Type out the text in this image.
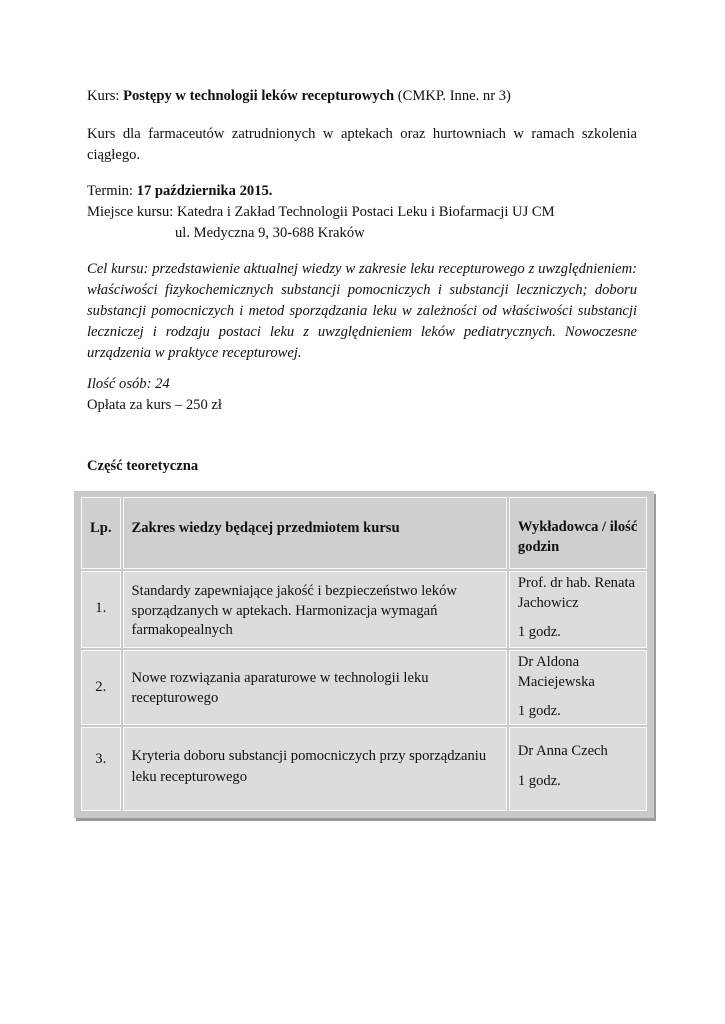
Kurs: Postępy w technologii leków recepturowych (CMKP. Inne. nr 3)
Kurs dla farmaceutów zatrudnionych w aptekach oraz hurtowniach w ramach szkolenia
ciągłego.
Termin: 17 października 2015.
Miejsce kursu: Katedra i Zakład Technologii Postaci Leku i Biofarmacji UJ CM
ul. Medyczna 9, 30-688 Kraków
Cel kursu: przedstawienie aktualnej wiedzy w zakresie leku recepturowego z uwzględnieniem:
właściwości fizykochemicznych substancji pomocniczych i substancji leczniczych; doboru
substancji pomocniczych i metod sporządzania leku w zależności od właściwości substancji
leczniczej i rodzaju postaci leku z uwzględnieniem leków pediatrycznych. Nowoczesne
urządzenia w praktyce recepturowej.
Ilość osób: 24
Opłata za kurs – 250 zł
Część teoretyczna
Lp.	Zakres wiedzy będącej przedmiotem kursu	Wykładowca / ilość godzin

1.	Standardy zapewniające jakość i bezpieczeństwo leków sporządzanych w aptekach. Harmonizacja wymagań farmakopealnych	Prof. dr hab. Renata Jachowicz
1 godz.

2.	Nowe rozwiązania aparaturowe w technologii leku recepturowego	Dr Aldona Maciejewska
1 godz.

3.	Kryteria doboru substancji pomocniczych przy sporządzaniu leku recepturowego	Dr Anna Czech
1 godz.
